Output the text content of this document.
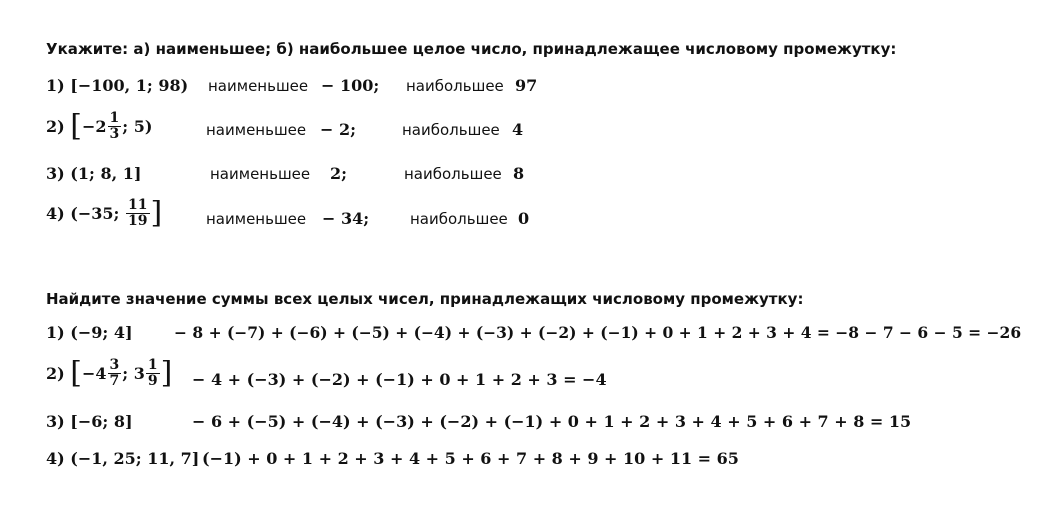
Укажите: а) наименьшее; б) наибольшее целое число, принадлежащее числовому промежутку:
1) [−100, 1; 98) наименьшее − 100; наибольшее 97
2) [$-2 \frac{1}{3}$ ; 5)	наименьшее − 2;	наибольшее 4
3) (1; 8, 1]	наименьшее 2;	наибольшее 8
4) (−35; $\frac{11}{19}$ ]	наименьшее − 34;	наибольшее 0
Найдите значение суммы всех целых чисел, принадлежащих числовому промежутку:
1) (−9; 4]	− 8 + (−7) + (−6) + (−5) + (−4) + (−3) + (−2) + (−1) + 0 + 1 + 2 + 3 + 4 = −8 − 7 − 6 − 5 = −26
2) [$-4 \frac{3}{7}$ ; $3 \frac{1}{9}$ ] − 4 + (−3) + (−2) + (−1) + 0 + 1 + 2 + 3 = −4
3) [−6; 8]	− 6 + (−5) + (−4) + (−3) + (−2) + (−1) + 0 + 1 + 2 + 3 + 4 + 5 + 6 + 7 + 8 = 15
4) (−1, 25; 11, 7] (−1) + 0 + 1 + 2 + 3 + 4 + 5 + 6 + 7 + 8 + 9 + 10 + 11 = 65
